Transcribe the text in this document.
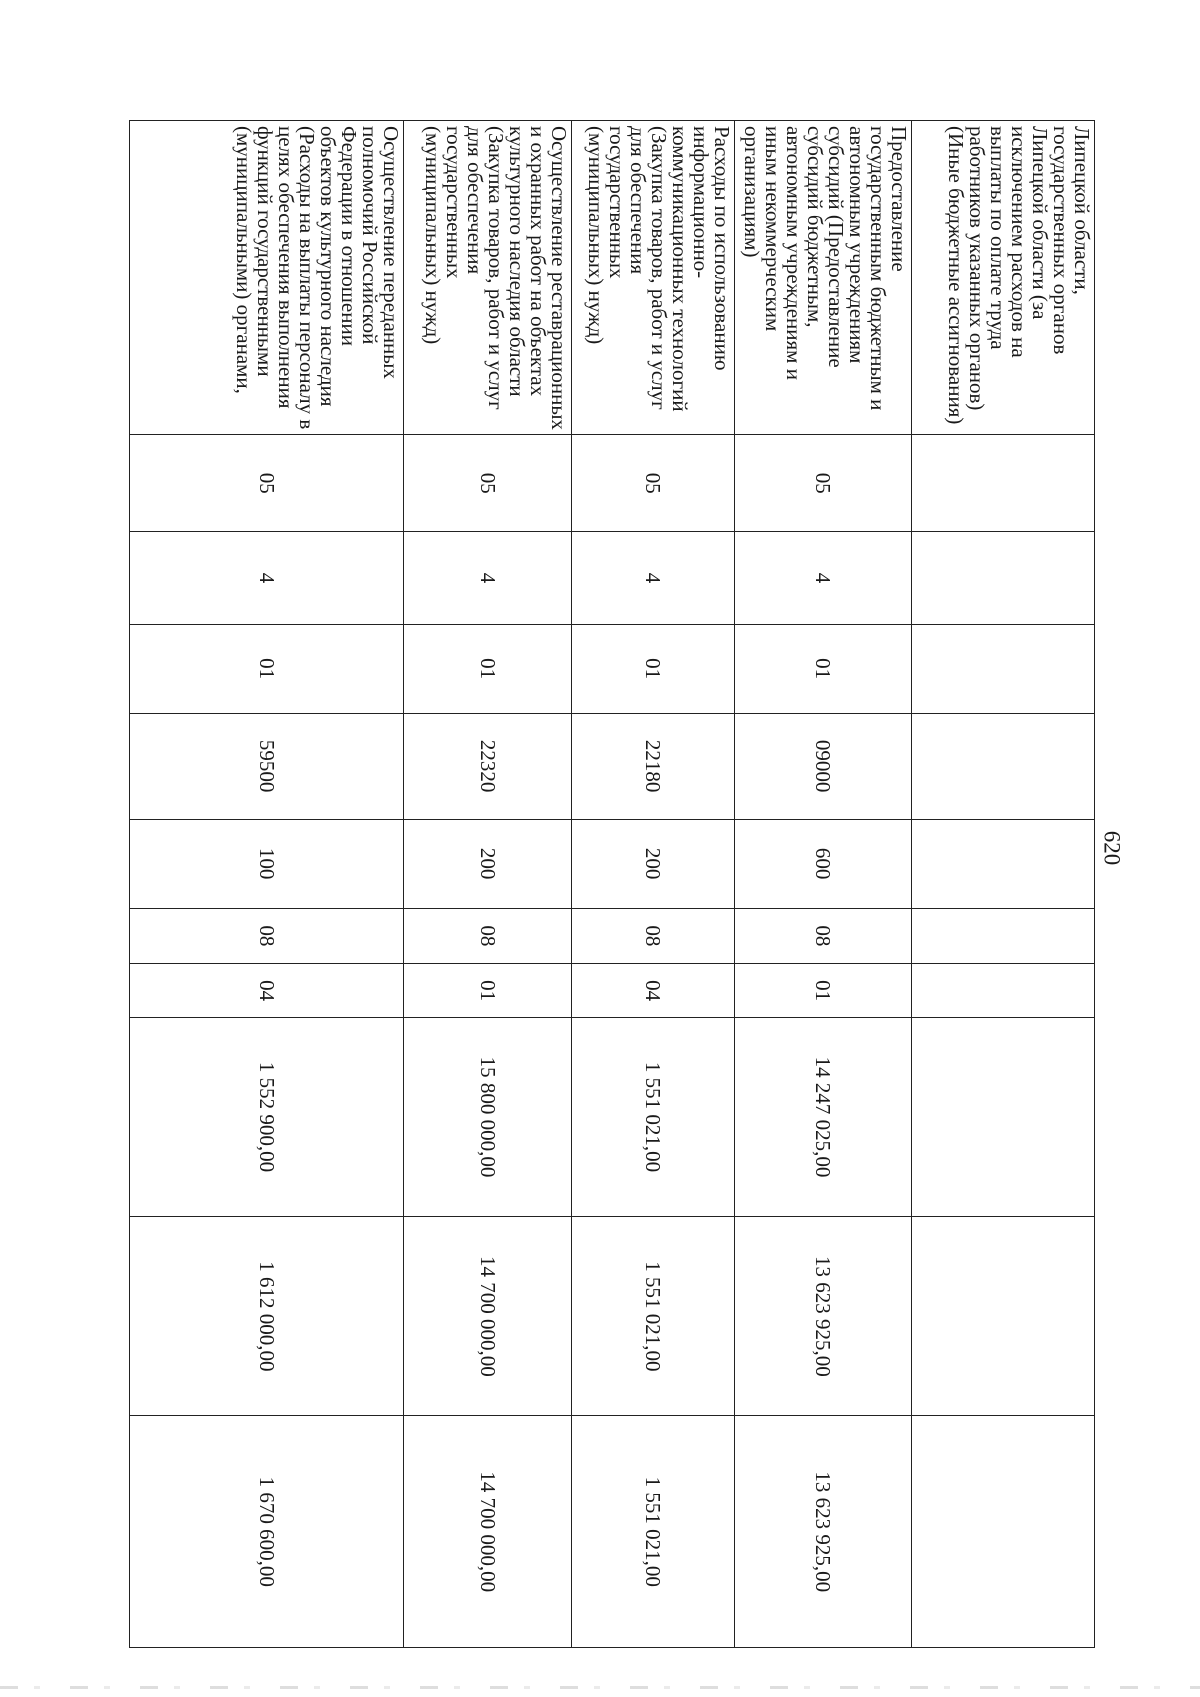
620
Липецкой области, государственных органов Липецкой области (за исключением расходов на выплаты по оплате труда работников указанных органов) (Иные бюджетные ассигнования)										
Предоставление государственным бюджетным и автономным учреждениям субсидий (Предоставление субсидий бюджетным, автономным учреждениям и иным некоммерческим организациям)	05	4	01	09000	600	08	01	14 247 025,00	13 623 925,00	13 623 925,00
Расходы по использованию информационно-коммуникационных технологий (Закупка товаров, работ и услуг для обеспечения государственных (муниципальных) нужд)	05	4	01	22180	200	08	04	1 551 021,00	1 551 021,00	1 551 021,00
Осуществление реставрационных и охранных работ на объектах культурного наследия области (Закупка товаров, работ и услуг для обеспечения государственных (муниципальных) нужд)	05	4	01	22320	200	08	01	15 800 000,00	14 700 000,00	14 700 000,00
Осуществление переданных полномочий Российской Федерации в отношении объектов культурного наследия (Расходы на выплаты персоналу в целях обеспечения выполнения функций государственными (муниципальными) органами,	05	4	01	59500	100	08	04	1 552 900,00	1 612 000,00	1 670 600,00
